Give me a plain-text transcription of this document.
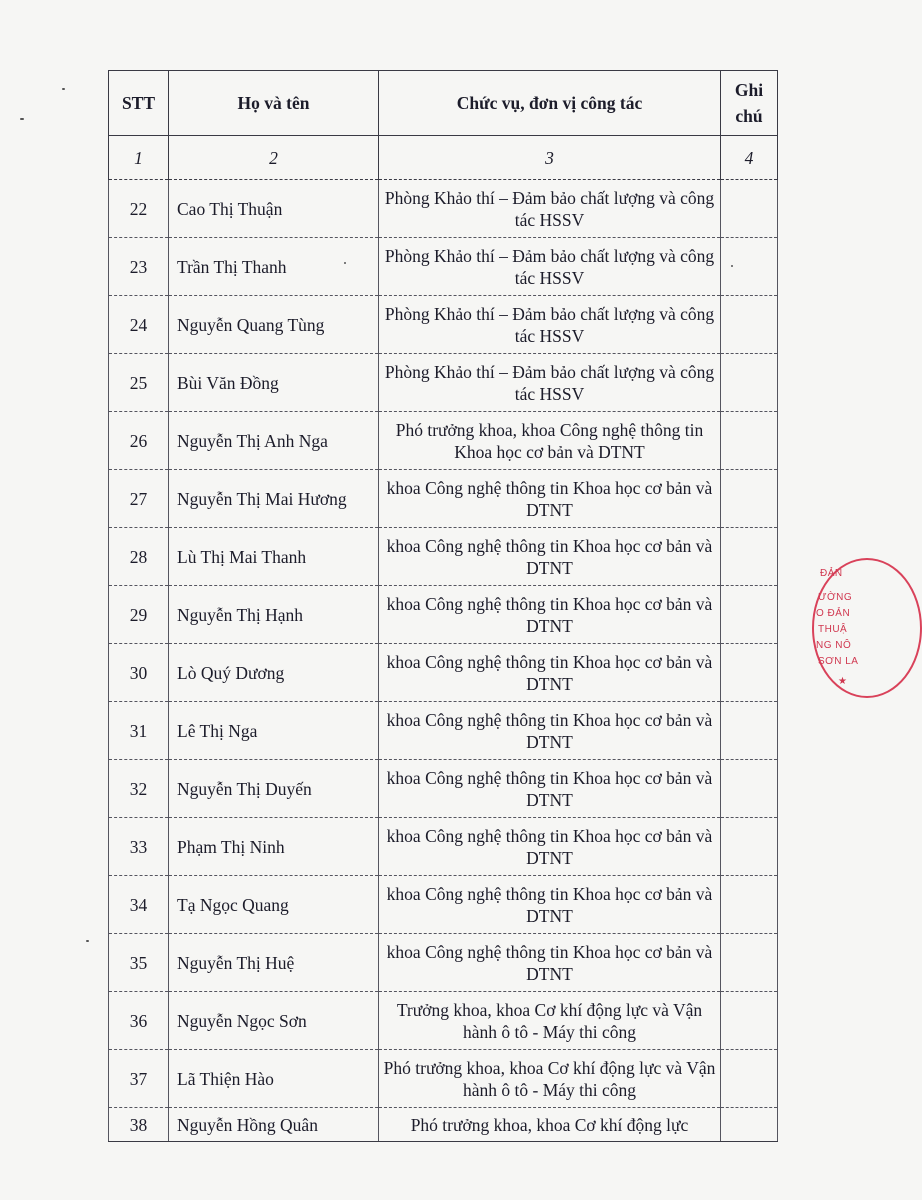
STT	Họ và tên	Chức vụ, đơn vị công tác	Ghi chú

1	2	3	4
22	Cao Thị Thuận	Phòng Khảo thí – Đảm bảo chất lượng và công tác HSSV	

23	Trần Thị Thanh	Phòng Khảo thí – Đảm bảo chất lượng và công tác HSSV	

24	Nguyễn Quang Tùng	Phòng Khảo thí – Đảm bảo chất lượng và công tác HSSV	

25	Bùi Văn Đồng	Phòng Khảo thí – Đảm bảo chất lượng và công tác HSSV	

26	Nguyễn Thị Anh Nga	Phó trưởng khoa, khoa Công nghệ thông tin Khoa học cơ bản và DTNT	

27	Nguyễn Thị Mai Hương	khoa Công nghệ thông tin Khoa học cơ bản và DTNT	

28	Lù Thị Mai Thanh	khoa Công nghệ thông tin Khoa học cơ bản và DTNT	

29	Nguyễn Thị Hạnh	khoa Công nghệ thông tin Khoa học cơ bản và DTNT	

30	Lò Quý Dương	khoa Công nghệ thông tin Khoa học cơ bản và DTNT	

31	Lê Thị Nga	khoa Công nghệ thông tin Khoa học cơ bản và DTNT	

32	Nguyễn Thị Duyến	khoa Công nghệ thông tin Khoa học cơ bản và DTNT	

33	Phạm Thị Ninh	khoa Công nghệ thông tin Khoa học cơ bản và DTNT	

34	Tạ Ngọc Quang	khoa Công nghệ thông tin Khoa học cơ bản và DTNT	

35	Nguyễn Thị Huệ	khoa Công nghệ thông tin Khoa học cơ bản và DTNT	

36	Nguyễn Ngọc Sơn	Trưởng khoa, khoa Cơ khí động lực và Vận hành ô tô - Máy thi công	

37	Lã Thiện Hào	Phó trưởng khoa, khoa Cơ khí động lực và Vận hành ô tô - Máy thi công	

38	Nguyễn Hồng Quân	Phó trưởng khoa, khoa Cơ khí động lực	

ĐẢN
ƯỜNG
O ĐẢN
THUẬ
NG NÔ
SƠN LA
★
